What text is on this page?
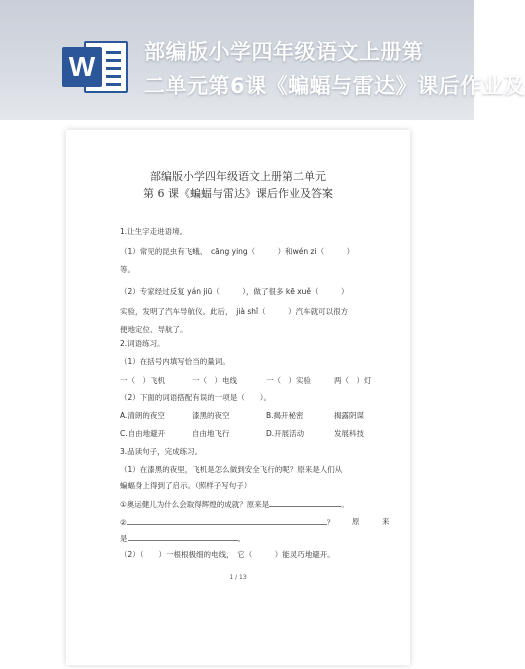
W	部编版小学四年级语文上册第
二单元第6课《蝙蝠与雷达》课后作业及
部编版小学四年级语文上册第二单元
第 6 课《蝙蝠与雷达》课后作业及答案
1.让生字走进语境。
（1）常见的昆虫有飞蛾、　cāng ying（　　　）和wén zi（　　　）
等。
（2）专家经过反复 yán jiū（　　　），做了很多 kē xuě（　　　）
实验，发明了汽车导航仪。此后，　jià shǐ（　　　）汽车就可以很方
便地定位、导航了。
2.词语练习。
（1）在括号内填写恰当的量词。
一（　）飞机	一（　）电线	一（　）实验	两（　）灯
（2）下面的词语搭配有误的一项是（　　）。
A.清朗的夜空	漆黑的夜空	B.揭开秘密	揭露阴谋
C.自由地避开	自由地飞行	D.开展活动	发展科技
3.品读句子，完成练习。
（1）在漆黑的夜里，飞机是怎么做到安全飞行的呢？原来是人们从
蝙蝠身上得到了启示。（照样子写句子）
①奥运健儿为什么会取得辉煌的成就？原来是	。
②	？ 原	来
是	。
（2）（　　）一根根极细的电线，　它（　　　）能灵巧地避开。
1 / 13
